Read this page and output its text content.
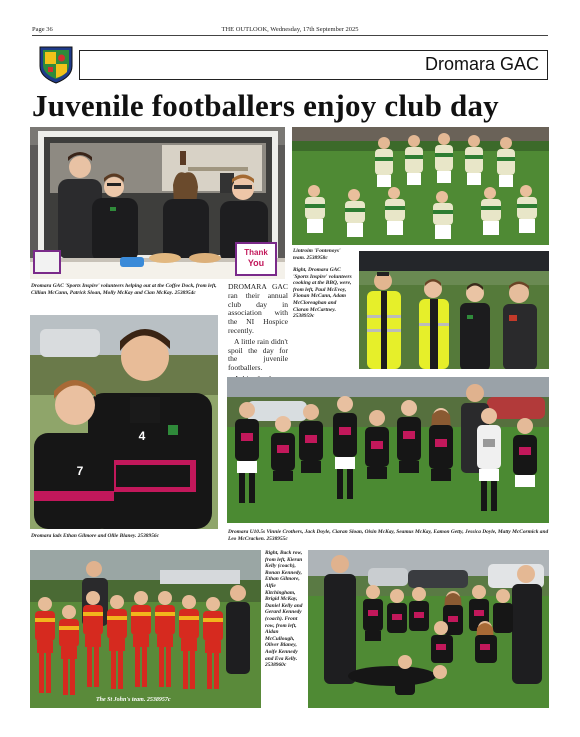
Page 36	THE OUTLOOK, Wednesday, 17th September 2025
Dromara GAC
Juvenile footballers enjoy club day
Thank
You
Dromara GAC 'Sports Inspire' volunteers helping out at the Coffee Dock, from left, Cillian McCann, Patrick Sloan, Molly McKay and Cian McKay. 2538954c
Lintroim 'Fontenoys' team. 2538958c

DROMARA GAC ran their annual club day in association with the NI Hospice recently.

A little rain didn't spoil the day for the juvenile footballers.

Right, Dromara GAC 'Sports Inspire' volunteers cooking at the BBQ, were, from left, Paul McEvoy, Fionan McCann, Adam McCloreaghan and Ciaran McCartney. 2538959c
4
7
Dromara lads Ethan Gilmore and Ollie Blaney. 2538956c
Dromara U10.5s Vinnie Crothers, Jack Doyle, Ciaran Sloan, Oisin McKay, Seamus McKay, Eamon Getty, Jessica Doyle, Matty McCormick and Leo McCracken. 2538955c
The St John's team. 2538957c
Right, Back row, from left, Kieran Kelly (coach), Ronan Kennedy, Ethan Gilmore, Alfie Kitchingham, Brigid McKay, Daniel Kelly and Gerard Kennedy (coach). Front row, from left, Aidan McCullough, Oliver Blaney, Aoife Kennedy and Eva Kelly. 2538960c
